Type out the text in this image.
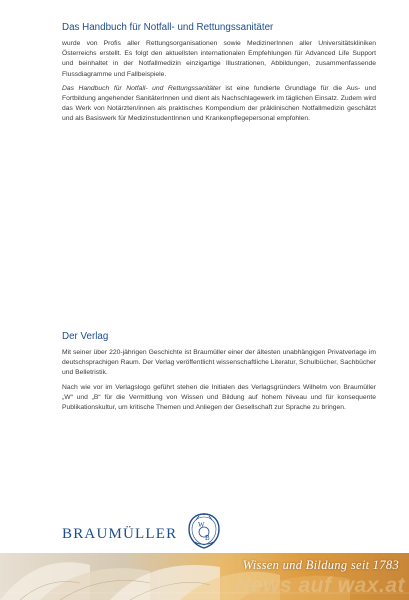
Das Handbuch für Notfall- und Rettungssanitäter

wurde von Profis aller Rettungsorganisationen sowie MedizinerInnen aller Universitätskliniken Österreichs erstellt. Es folgt den aktuellsten internationalen Empfehlungen für Advanced Life Support und beinhaltet in der Notfallmedizin einzigartige Illustrationen, Abbildungen, zusammenfassende Flussdiagramme und Fallbeispiele.

Das Handbuch für Notfall- und Rettungssanitäter ist eine fundierte Grundlage für die Aus- und Fortbildung angehender SanitäterInnen und dient als Nachschlagewerk im täglichen Einsatz. Zudem wird das Werk von Notärzten/innen als praktisches Kompendium der präklinischen Notfallmedizin geschätzt und als Basiswerk für MedizinstudentInnen und Krankenpflegepersonal empfohlen.

Der Verlag

Mit seiner über 220-jährigen Geschichte ist Braumüller einer der ältesten unabhängigen Privatverlage im deutschsprachigen Raum. Der Verlag veröffentlicht wissenschaftliche Literatur, Schulbücher, Sachbücher und Belletristik.

Nach wie vor im Verlagslogo geführt stehen die Initialen des Verlagsgründers Wilhelm von Braumüller „W“ und „B“ für die Vermittlung von Wissen und Bildung auf hohem Niveau und für konsequente Publikationskultur, um kritische Themen und Anliegen der Gesellschaft zur Sprache zu bringen.

BRAUMÜLLER
W
B
Wissen und Bildung seit 1783
News auf wax.at
